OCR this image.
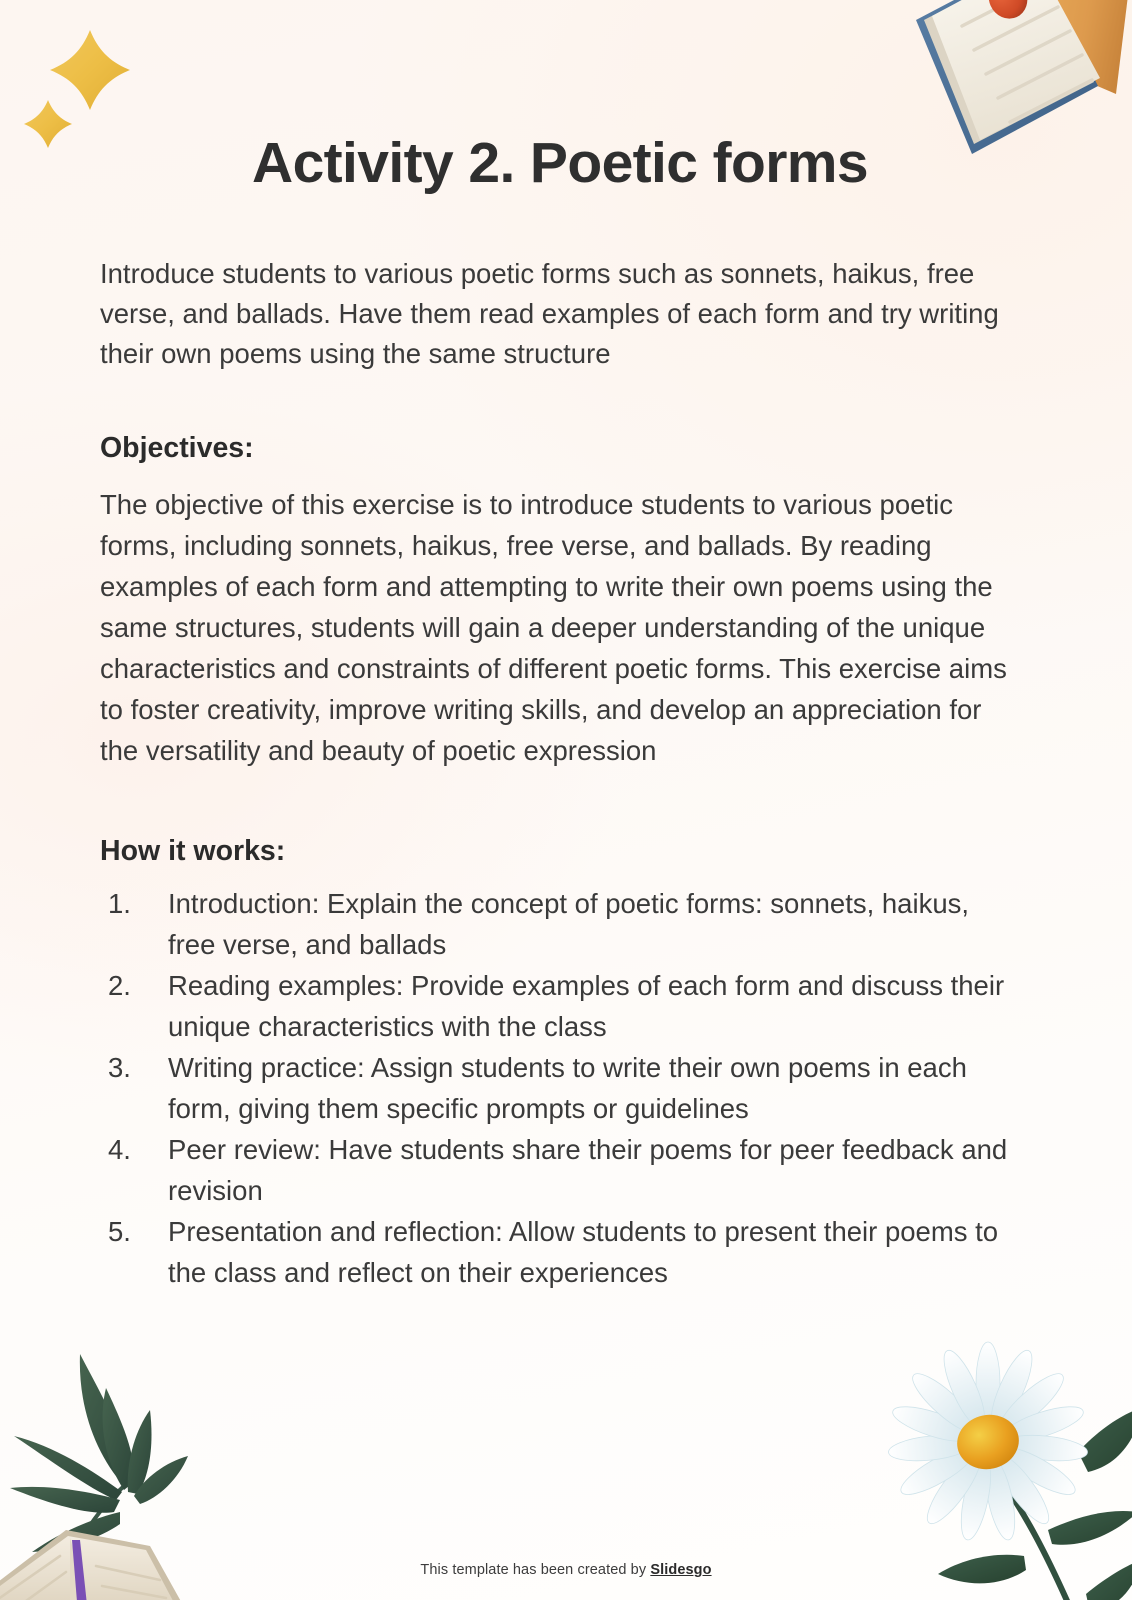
Activity 2. Poetic forms

Introduce students to various poetic forms such as sonnets, haikus, free verse, and ballads. Have them read examples of each form and try writing their own poems using the same structure

Objectives:

The objective of this exercise is to introduce students to various poetic forms, including sonnets, haikus, free verse, and ballads. By reading examples of each form and attempting to write their own poems using the same structures, students will gain a deeper understanding of the unique characteristics and constraints of different poetic forms. This exercise aims to foster creativity, improve writing skills, and develop an appreciation for the versatility and beauty of poetic expression

How it works:
Introduction: Explain the concept of poetic forms: sonnets, haikus, free verse, and ballads
Reading examples: Provide examples of each form and discuss their unique characteristics with the class
Writing practice: Assign students to write their own poems in each form, giving them specific prompts or guidelines
Peer review: Have students share their poems for peer feedback and revision
Presentation and reflection: Allow students to present their poems to the class and reflect on their experiences
This template has been created by Slidesgo
